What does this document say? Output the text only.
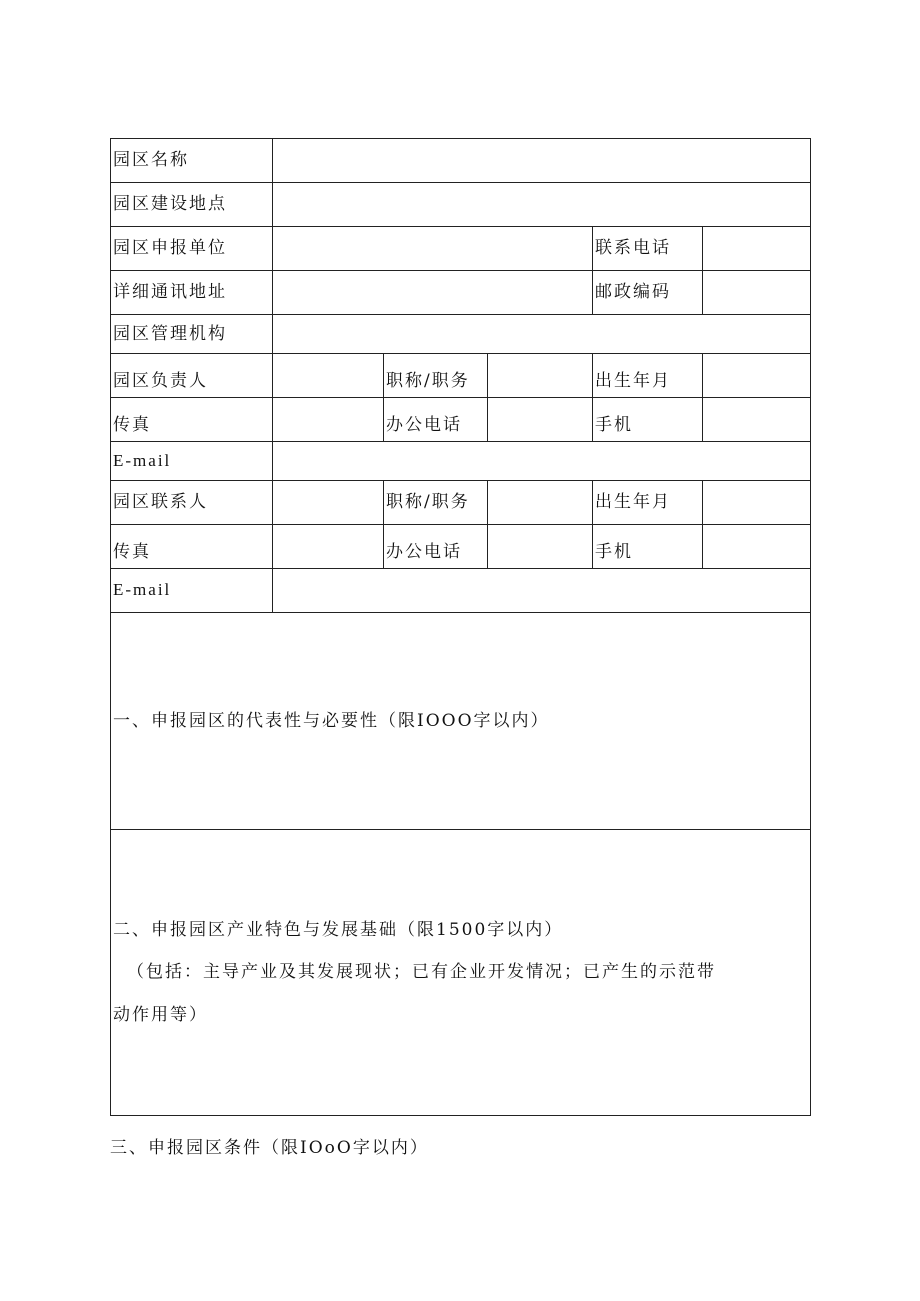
园区名称					
园区建设地点					
园区申报单位				联系电话	
详细通讯地址				邮政编码	
园区管理机构					
园区负责人		职称/职务		出生年月	
传真		办公电话		手机	
E-mail					
园区联系人		职称/职务		出生年月	
传真		办公电话		手机	
E-mail					

一、申报园区的代表性与必要性（限IOOO字以内）					

二、申报园区产业特色与发展基础（限1500字以内）

（包括：主导产业及其发展现状；已有企业开发情况；已产生的示范带

动作用等）					

三、申报园区条件（限IOoO字以内）
